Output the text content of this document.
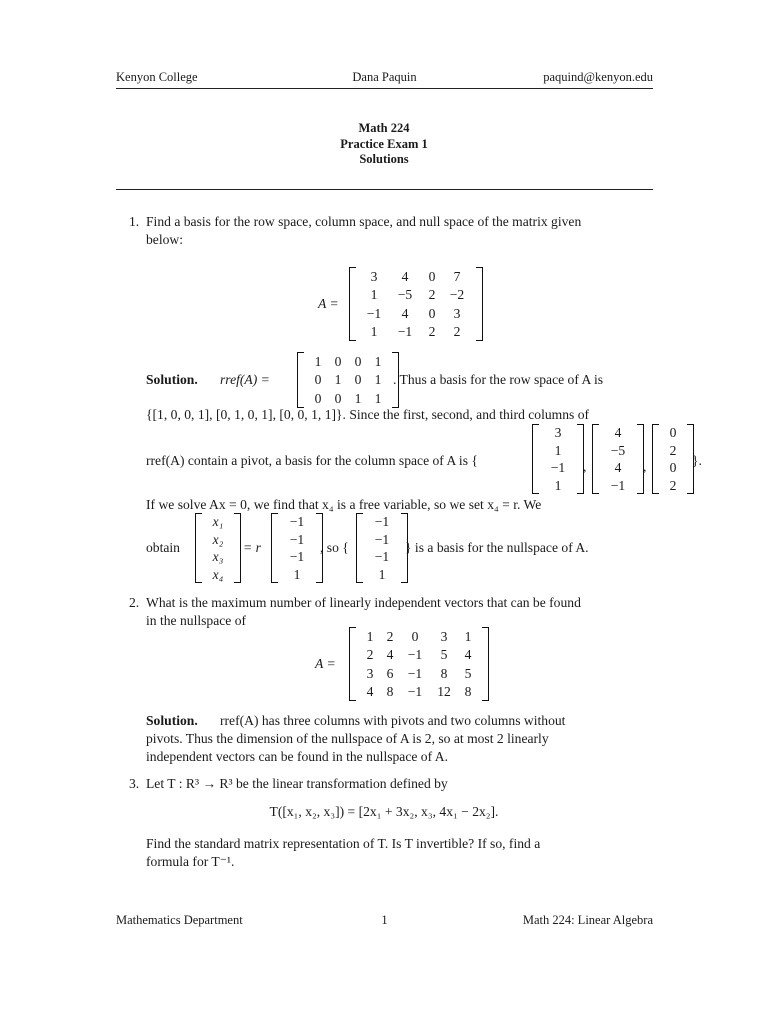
Kenyon College	Dana Paquin	paquind@kenyon.edu
Math 224
Practice Exam 1
Solutions
1. Find a basis for the row space, column space, and null space of the matrix given
below:
A =
3 4 0 7
1 −5 2 −2
−1 4 0 3
1 −1 2 2
Solution. rref(A) =
1 0 0 1
0 1 0 1
0 0 1 1
. Thus a basis for the row space of A is
{[1, 0, 0, 1], [0, 1, 0, 1], [0, 0, 1, 1]}. Since the first, second, and third columns of
rref(A) contain a pivot, a basis for the column space of A is {
3
1
−1
1
,
4
−5
4
−1
,
0
2
0
2
}.
If we solve Ax = 0, we find that x₄ is a free variable, so we set x₄ = r. We
obtain
x₁
x₂
x₃
x₄
= r
−1
−1
−1
1
, so {
−1
−1
−1
1
} is a basis for the nullspace of A.
2. What is the maximum number of linearly independent vectors that can be found
in the nullspace of
A =
1 2 0 3 1
2 4 −1 5 4
3 6 −1 8 5
4 8 −1 12 8
Solution. rref(A) has three columns with pivots and two columns without
pivots. Thus the dimension of the nullspace of A is 2, so at most 2 linearly
independent vectors can be found in the nullspace of A.
3. Let T : R³ → R³ be the linear transformation defined by
T([x₁, x₂, x₃]) = [2x₁ + 3x₂, x₃, 4x₁ − 2x₂].
Find the standard matrix representation of T. Is T invertible? If so, find a
formula for T⁻¹.
Mathematics Department	1	Math 224: Linear Algebra
